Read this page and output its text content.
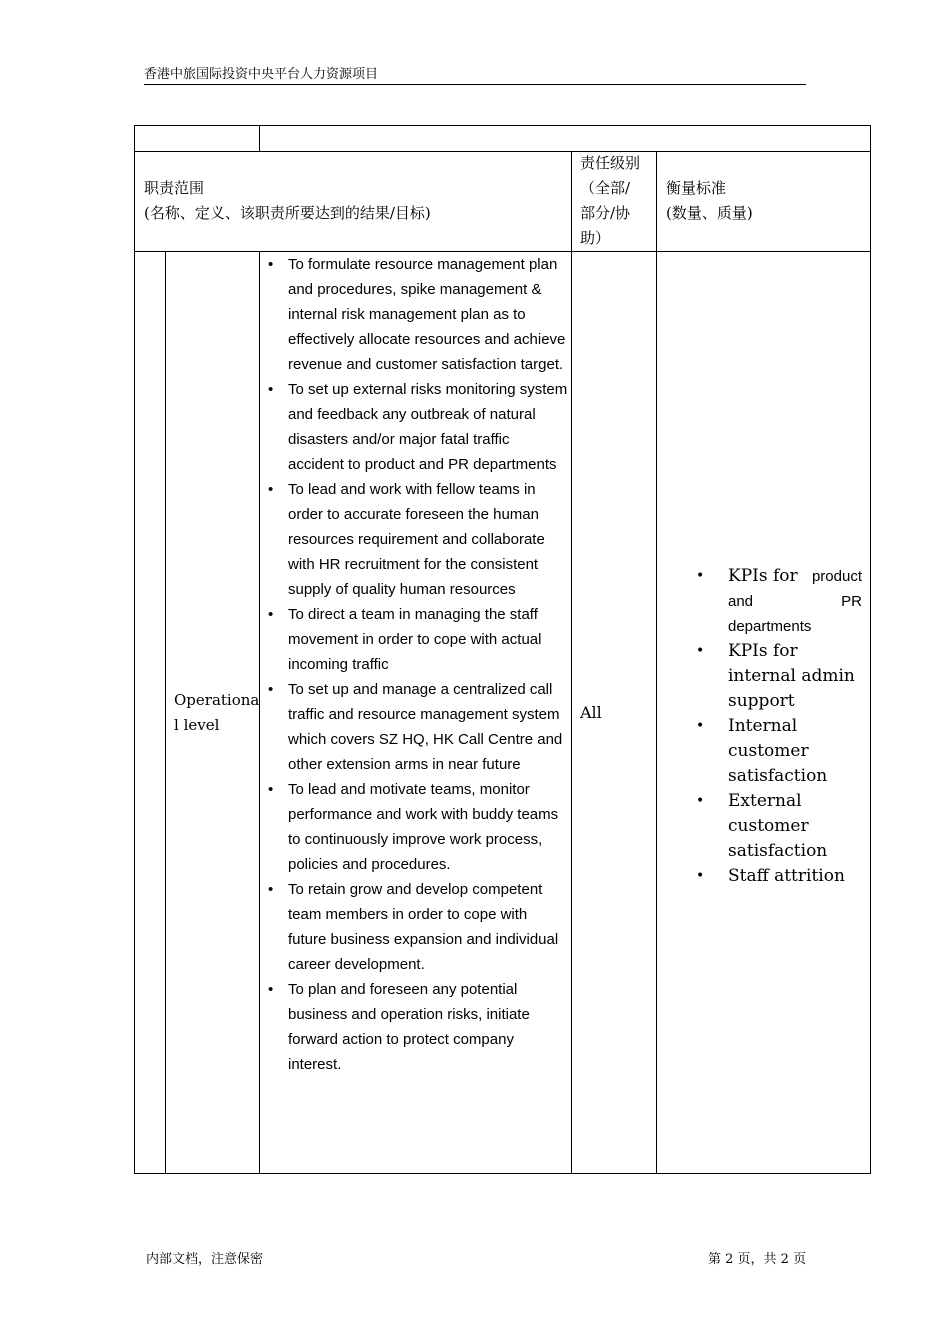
香港中旅国际投资中央平台人力资源项目
职责范围
(名称、定义、该职责所要达到的结果/目标)
责任级别
（全部/
部分/协
助）
衡量标准
(数量、质量)
Operationa
l level
• To formulate resource management plan and procedures, spike management & internal risk management plan as to effectively allocate resources and achieve revenue and customer satisfaction target.
• To set up external risks monitoring system and feedback any outbreak of natural disasters and/or major fatal traffic accident to product and PR departments
• To lead and work with fellow teams in order to accurate foreseen the human resources requirement and collaborate with HR recruitment for the consistent supply of quality human resources
• To direct a team in managing the staff movement in order to cope with actual incoming traffic
• To set up and manage a centralized call traffic and resource management system which covers SZ HQ, HK Call Centre and other extension arms in near future
• To lead and motivate teams, monitor performance and work with buddy teams to continuously improve work process, policies and procedures.
• To retain grow and develop competent team members in order to cope with future business expansion and individual career development.
• To plan and foreseen any potential business and operation risks, initiate forward action to protect company interest.
All
• KPIs for product
and	PR
departments
• KPIs for internal admin support
• Internal customer satisfaction
• External customer satisfaction
• Staff attrition
内部文档，注意保密	第 2 页，共 2 页
